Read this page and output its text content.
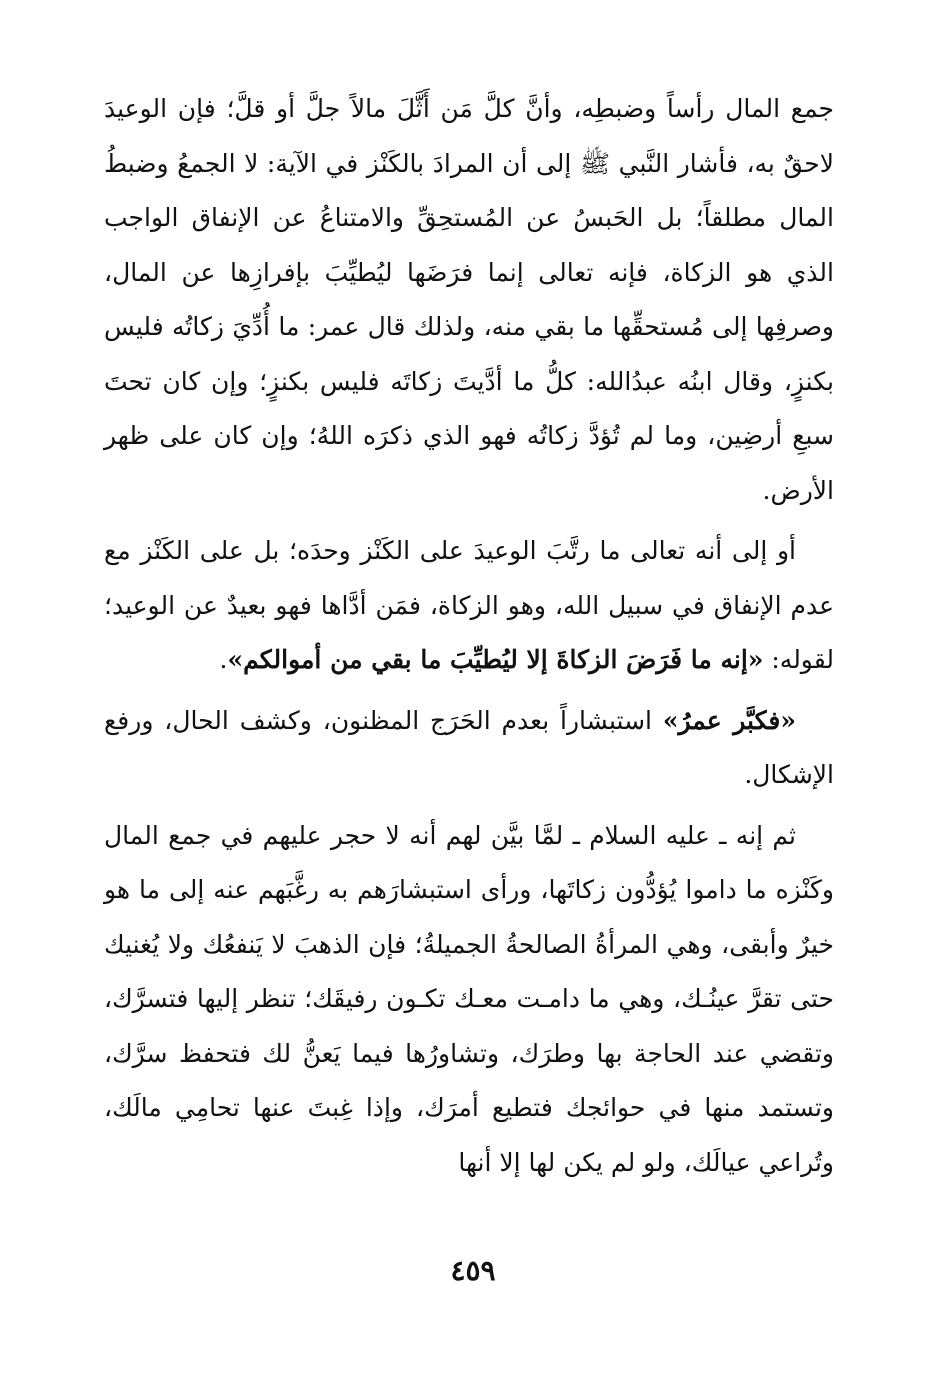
جمع المال رأساً وضبطِه، وأنَّ كلَّ مَن أَثَّلَ مالاً جلَّ أو قلَّ؛ فإن الوعيدَ لاحقٌ به، فأشار النَّبي ﷺ إلى أن المرادَ بالكَنْز في الآية: لا الجمعُ وضبطُ المال مطلقاً؛ بل الحَبسُ عن المُستحِقِّ والامتناعُ عن الإنفاق الواجب الذي هو الزكاة، فإنه تعالى إنما فرَضَها ليُطيِّبَ بإفرازِها عن المال، وصرفِها إلى مُستحقِّها ما بقي منه، ولذلك قال عمر: ما أُدِّيَ زكاتُه فليس بكنزٍ، وقال ابنُه عبدُالله: كلُّ ما أدَّيتَ زكاتَه فليس بكنزٍ؛ وإن كان تحتَ سبعِ أرضِين، وما لم تُؤدَّ زكاتُه فهو الذي ذكرَه اللهُ؛ وإن كان على ظهر الأرض.

أو إلى أنه تعالى ما رتَّبَ الوعيدَ على الكَنْز وحدَه؛ بل على الكَنْز مع عدم الإنفاق في سبيل الله، وهو الزكاة، فمَن أدَّاها فهو بعيدٌ عن الوعيد؛ لقوله: «إنه ما فَرَضَ الزكاةَ إلا ليُطيِّبَ ما بقي من أموالكم».

«فكبَّر عمرُ» استبشاراً بعدم الحَرَج المظنون، وكشف الحال، ورفع الإشكال.

ثم إنه ـ عليه السلام ـ لمَّا بيَّن لهم أنه لا حجر عليهم في جمع المال وكَنْزه ما داموا يُؤدُّون زكاتَها، ورأى استبشارَهم به رغَّبَهم عنه إلى ما هو خيرٌ وأبقى، وهي المرأةُ الصالحةُ الجميلةُ؛ فإن الذهبَ لا يَنفعُك ولا يُغنيك حتى تقرَّ عينُـك، وهي ما دامـت معـك تكـون رفيقَك؛ تنظر إليها فتسرَّك، وتقضي عند الحاجة بها وطرَك، وتشاورُها فيما يَعنُّ لك فتحفظ سرَّك، وتستمد منها في حوائجك فتطيع أمرَك، وإذا غِبتَ عنها تحامِي مالَك، وتُراعي عيالَك، ولو لم يكن لها إلا أنها

٤٥٩
